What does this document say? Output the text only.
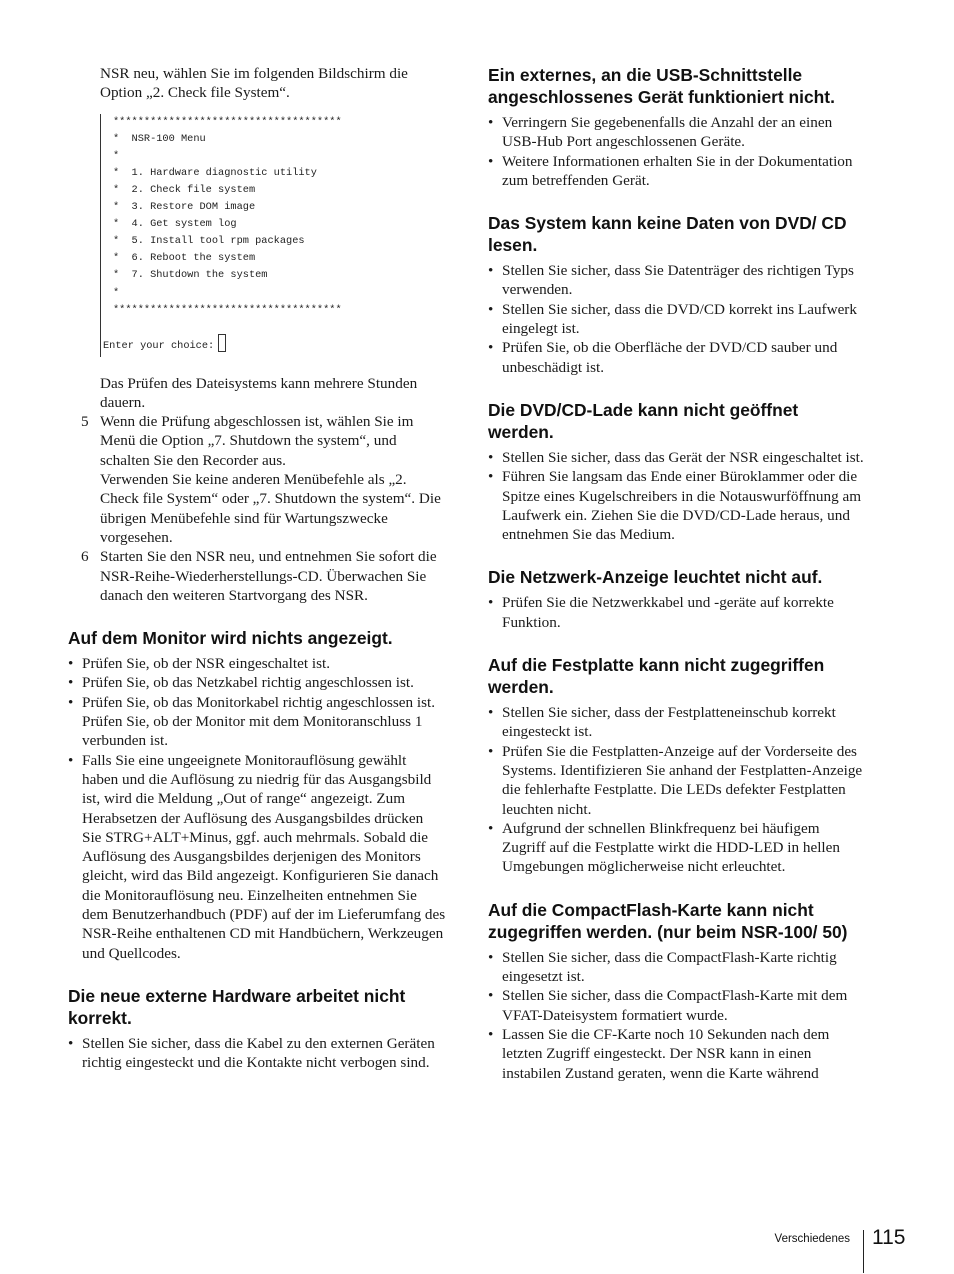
NSR neu, wählen Sie im folgenden Bildschirm die Option „2. Check file System“.

*************************************
*  NSR-100 Menu
*
*  1. Hardware diagnostic utility
*  2. Check file system
*  3. Restore DOM image
*  4. Get system log
*  5. Install tool rpm packages
*  6. Reboot the system
*  7. Shutdown the system
*
*************************************
Enter your choice:

Das Prüfen des Dateisystems kann mehrere Stunden dauern.

5 Wenn die Prüfung abgeschlossen ist, wählen Sie im Menü die Option „7. Shutdown the system“, und schalten Sie den Recorder aus.
Verwenden Sie keine anderen Menübefehle als „2. Check file System“ oder „7. Shutdown the system“. Die übrigen Menübefehle sind für Wartungszwecke vorgesehen.
6 Starten Sie den NSR neu, und entnehmen Sie sofort die NSR-Reihe-Wiederherstellungs-CD. Überwachen Sie danach den weiteren Startvorgang des NSR.
Auf dem Monitor wird nichts angezeigt.
• Prüfen Sie, ob der NSR eingeschaltet ist.
• Prüfen Sie, ob das Netzkabel richtig angeschlossen ist.
• Prüfen Sie, ob das Monitorkabel richtig angeschlossen ist. Prüfen Sie, ob der Monitor mit dem Monitoranschluss 1 verbunden ist.
• Falls Sie eine ungeeignete Monitorauflösung gewählt haben und die Auflösung zu niedrig für das Ausgangsbild ist, wird die Meldung „Out of range“ angezeigt. Zum Herabsetzen der Auflösung des Ausgangsbildes drücken Sie STRG+ALT+Minus, ggf. auch mehrmals. Sobald die Auflösung des Ausgangsbildes derjenigen des Monitors gleicht, wird das Bild angezeigt. Konfigurieren Sie danach die Monitorauflösung neu. Einzelheiten entnehmen Sie dem Benutzerhandbuch (PDF) auf der im Lieferumfang des NSR-Reihe enthaltenen CD mit Handbüchern, Werkzeugen und Quellcodes.
Die neue externe Hardware arbeitet nicht korrekt.
• Stellen Sie sicher, dass die Kabel zu den externen Geräten richtig eingesteckt und die Kontakte nicht verbogen sind.
Ein externes, an die USB-Schnittstelle angeschlossenes Gerät funktioniert nicht.
• Verringern Sie gegebenenfalls die Anzahl der an einen USB-Hub Port angeschlossenen Geräte.
• Weitere Informationen erhalten Sie in der Dokumentation zum betreffenden Gerät.
Das System kann keine Daten von DVD/ CD lesen.
• Stellen Sie sicher, dass Sie Datenträger des richtigen Typs verwenden.
• Stellen Sie sicher, dass die DVD/CD korrekt ins Laufwerk eingelegt ist.
• Prüfen Sie, ob die Oberfläche der DVD/CD sauber und unbeschädigt ist.
Die DVD/CD-Lade kann nicht geöffnet werden.
• Stellen Sie sicher, dass das Gerät der NSR eingeschaltet ist.
• Führen Sie langsam das Ende einer Büroklammer oder die Spitze eines Kugelschreibers in die Notauswurföffnung am Laufwerk ein. Ziehen Sie die DVD/CD-Lade heraus, und entnehmen Sie das Medium.
Die Netzwerk-Anzeige leuchtet nicht auf.
• Prüfen Sie die Netzwerkkabel und -geräte auf korrekte Funktion.
Auf die Festplatte kann nicht zugegriffen werden.
• Stellen Sie sicher, dass der Festplatteneinschub korrekt eingesteckt ist.
• Prüfen Sie die Festplatten-Anzeige auf der Vorderseite des Systems. Identifizieren Sie anhand der Festplatten-Anzeige die fehlerhafte Festplatte. Die LEDs defekter Festplatten leuchten nicht.
• Aufgrund der schnellen Blinkfrequenz bei häufigem Zugriff auf die Festplatte wirkt die HDD-LED in hellen Umgebungen möglicherweise nicht erleuchtet.
Auf die CompactFlash-Karte kann nicht zugegriffen werden. (nur beim NSR-100/ 50)
• Stellen Sie sicher, dass die CompactFlash-Karte richtig eingesetzt ist.
• Stellen Sie sicher, dass die CompactFlash-Karte mit dem VFAT-Dateisystem formatiert wurde.
• Lassen Sie die CF-Karte noch 10 Sekunden nach dem letzten Zugriff eingesteckt. Der NSR kann in einen instabilen Zustand geraten, wenn die Karte während
Verschiedenes 115
